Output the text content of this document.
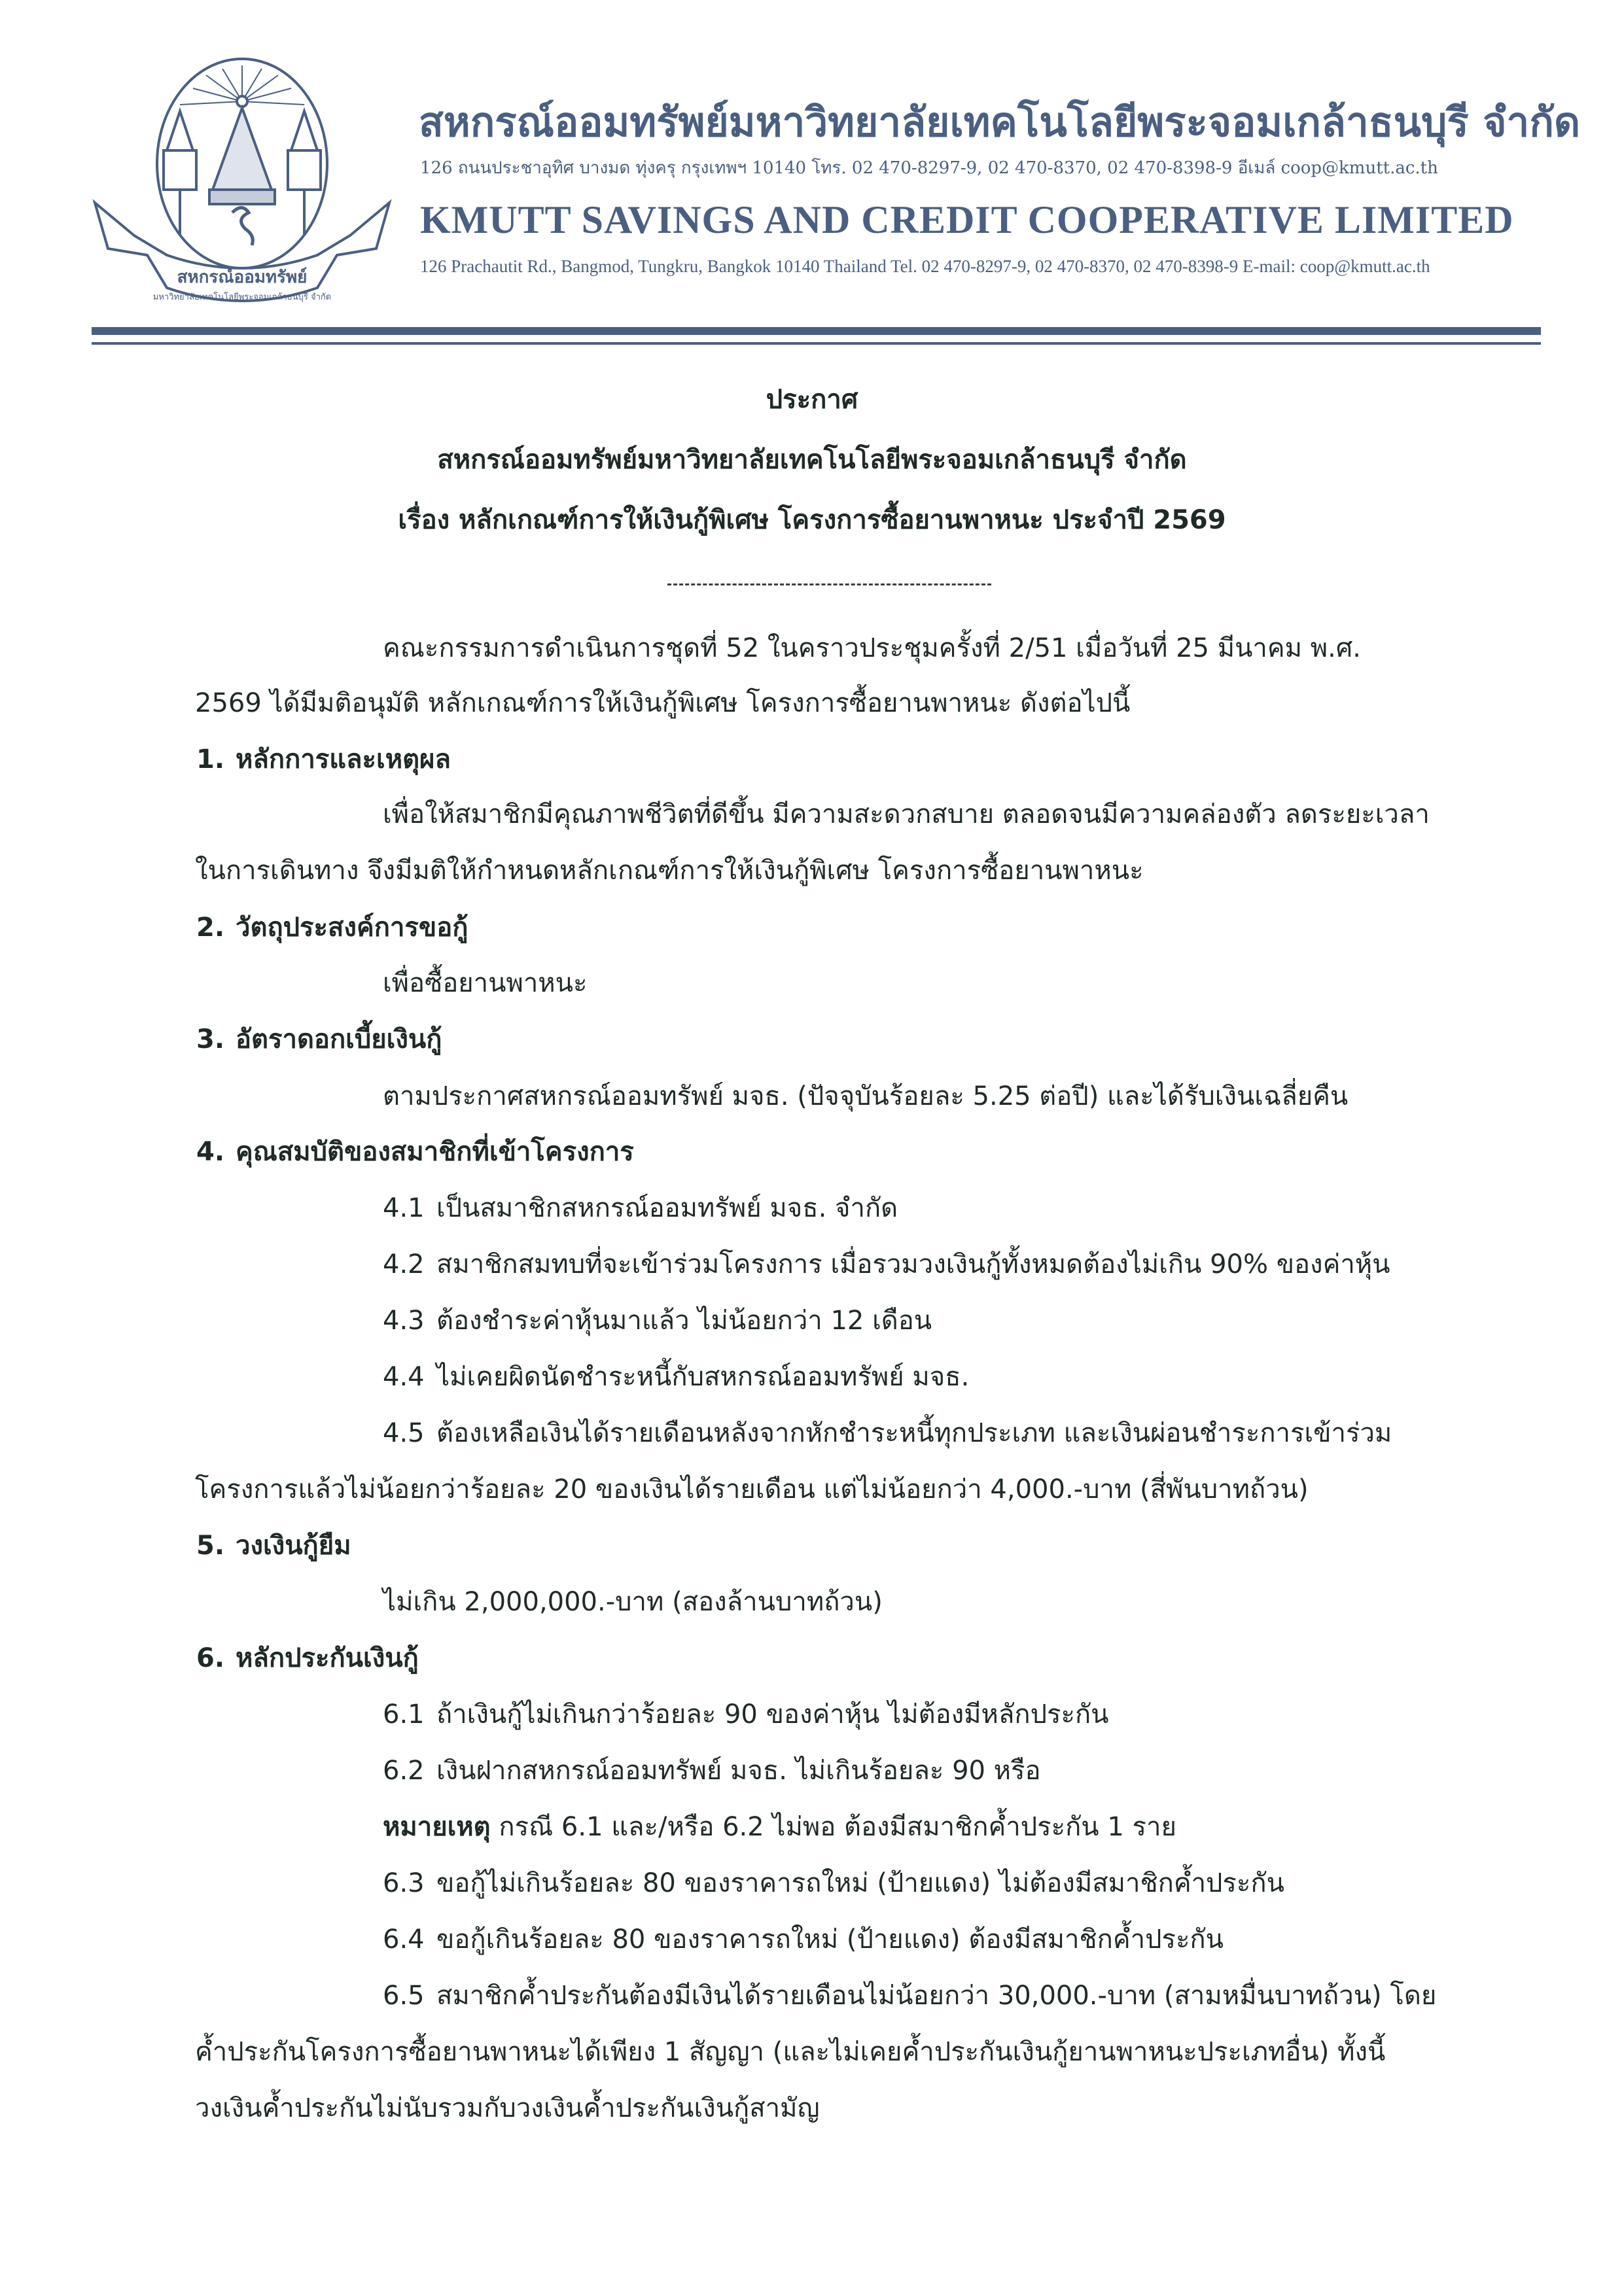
สหกรณ์ออมทรัพย์
มหาวิทยาลัยเทคโนโลยีพระจอมเกล้าธนบุรี จำกัด
สหกรณ์ออมทรัพย์มหาวิทยาลัยเทคโนโลยีพระจอมเกล้าธนบุรี จำกัด
126 ถนนประชาอุทิศ บางมด ทุ่งครุ กรุงเทพฯ 10140 โทร. 02 470-8297-9, 02 470-8370, 02 470-8398-9 อีเมล์ coop@kmutt.ac.th
KMUTT SAVINGS AND CREDIT COOPERATIVE LIMITED
126 Prachautit Rd., Bangmod, Tungkru, Bangkok 10140 Thailand Tel. 02 470-8297-9, 02 470-8370, 02 470-8398-9 E-mail: coop@kmutt.ac.th
ประกาศ
สหกรณ์ออมทรัพย์มหาวิทยาลัยเทคโนโลยีพระจอมเกล้าธนบุรี จำกัด
เรื่อง หลักเกณฑ์การให้เงินกู้พิเศษ โครงการซื้อยานพาหนะ ประจำปี 2569
คณะกรรมการดำเนินการชุดที่ 52 ในคราวประชุมครั้งที่ 2/51 เมื่อวันที่ 25 มีนาคม พ.ศ.
2569 ได้มีมติอนุมัติ หลักเกณฑ์การให้เงินกู้พิเศษ โครงการซื้อยานพาหนะ ดังต่อไปนี้
1. หลักการและเหตุผล
เพื่อให้สมาชิกมีคุณภาพชีวิตที่ดีขึ้น มีความสะดวกสบาย ตลอดจนมีความคล่องตัว ลดระยะเวลา
ในการเดินทาง จึงมีมติให้กำหนดหลักเกณฑ์การให้เงินกู้พิเศษ โครงการซื้อยานพาหนะ
2. วัตถุประสงค์การขอกู้
เพื่อซื้อยานพาหนะ
3. อัตราดอกเบี้ยเงินกู้
ตามประกาศสหกรณ์ออมทรัพย์ มจธ. (ปัจจุบันร้อยละ 5.25 ต่อปี) และได้รับเงินเฉลี่ยคืน
4. คุณสมบัติของสมาชิกที่เข้าโครงการ
4.1 เป็นสมาชิกสหกรณ์ออมทรัพย์ มจธ. จำกัด
4.2 สมาชิกสมทบที่จะเข้าร่วมโครงการ เมื่อรวมวงเงินกู้ทั้งหมดต้องไม่เกิน 90% ของค่าหุ้น
4.3 ต้องชำระค่าหุ้นมาแล้ว ไม่น้อยกว่า 12 เดือน
4.4 ไม่เคยผิดนัดชำระหนี้กับสหกรณ์ออมทรัพย์ มจธ.
4.5 ต้องเหลือเงินได้รายเดือนหลังจากหักชำระหนี้ทุกประเภท และเงินผ่อนชำระการเข้าร่วม
โครงการแล้วไม่น้อยกว่าร้อยละ 20 ของเงินได้รายเดือน แต่ไม่น้อยกว่า 4,000.-บาท (สี่พันบาทถ้วน)
5. วงเงินกู้ยืม
ไม่เกิน 2,000,000.-บาท (สองล้านบาทถ้วน)
6. หลักประกันเงินกู้
6.1 ถ้าเงินกู้ไม่เกินกว่าร้อยละ 90 ของค่าหุ้น ไม่ต้องมีหลักประกัน
6.2 เงินฝากสหกรณ์ออมทรัพย์ มจธ. ไม่เกินร้อยละ 90 หรือ
หมายเหตุ กรณี 6.1 และ/หรือ 6.2 ไม่พอ ต้องมีสมาชิกค้ำประกัน 1 ราย
6.3 ขอกู้ไม่เกินร้อยละ 80 ของราคารถใหม่ (ป้ายแดง) ไม่ต้องมีสมาชิกค้ำประกัน
6.4 ขอกู้เกินร้อยละ 80 ของราคารถใหม่ (ป้ายแดง) ต้องมีสมาชิกค้ำประกัน
6.5 สมาชิกค้ำประกันต้องมีเงินได้รายเดือนไม่น้อยกว่า 30,000.-บาท (สามหมื่นบาทถ้วน) โดย
ค้ำประกันโครงการซื้อยานพาหนะได้เพียง 1 สัญญา (และไม่เคยค้ำประกันเงินกู้ยานพาหนะประเภทอื่น) ทั้งนี้
วงเงินค้ำประกันไม่นับรวมกับวงเงินค้ำประกันเงินกู้สามัญ
